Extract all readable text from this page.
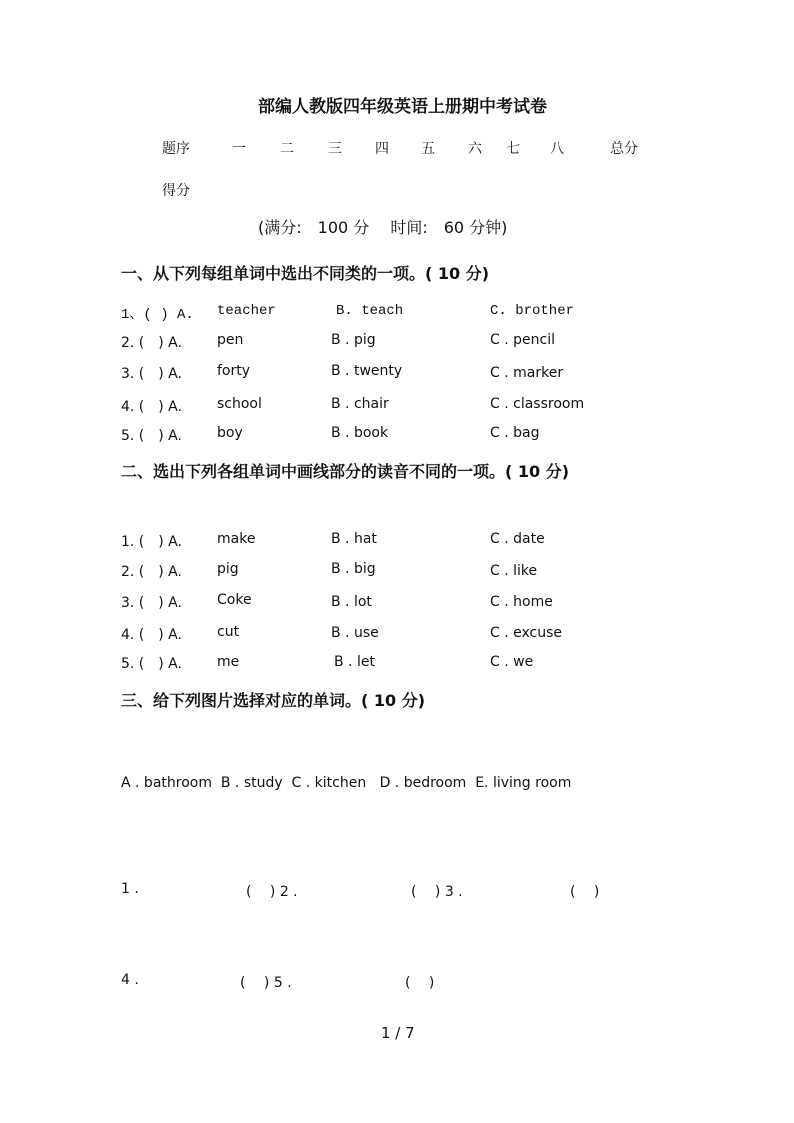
部编人教版四年级英语上册期中考试卷
题序	一 二 三 四 五 六 七 八	总分
得分
(满分:　100 分　 时间:　60 分钟)
一、从下列每组单词中选出不同类的一项。( 10 分)
1、( ) A. teacher	B. teach	C. brother
2. (　) A.	pen	B . pig	C . pencil
3. (　) A.	forty	B . twenty	C . marker
4. (　) A.	school	B . chair	C . classroom
5. (　) A.	boy	B . book	C . bag
二、选出下列各组单词中画线部分的读音不同的一项。( 10 分)
1. (　) A.	make	B . hat	C . date
2. (　) A.	pig	B . big	C . like
3. (　) A.	Coke	B . lot	C . home
4. (　) A.	cut	B . use	C . excuse
5. (　) A.	me	B . let	C . we
三、给下列图片选择对应的单词。( 10 分)
A . bathroom  B . study  C . kitchen   D . bedroom  E. living room
1 .	(　 ) 2 .	(　 ) 3 .	(　 )
4 .	(　 ) 5 .	(　 )
1 / 7
